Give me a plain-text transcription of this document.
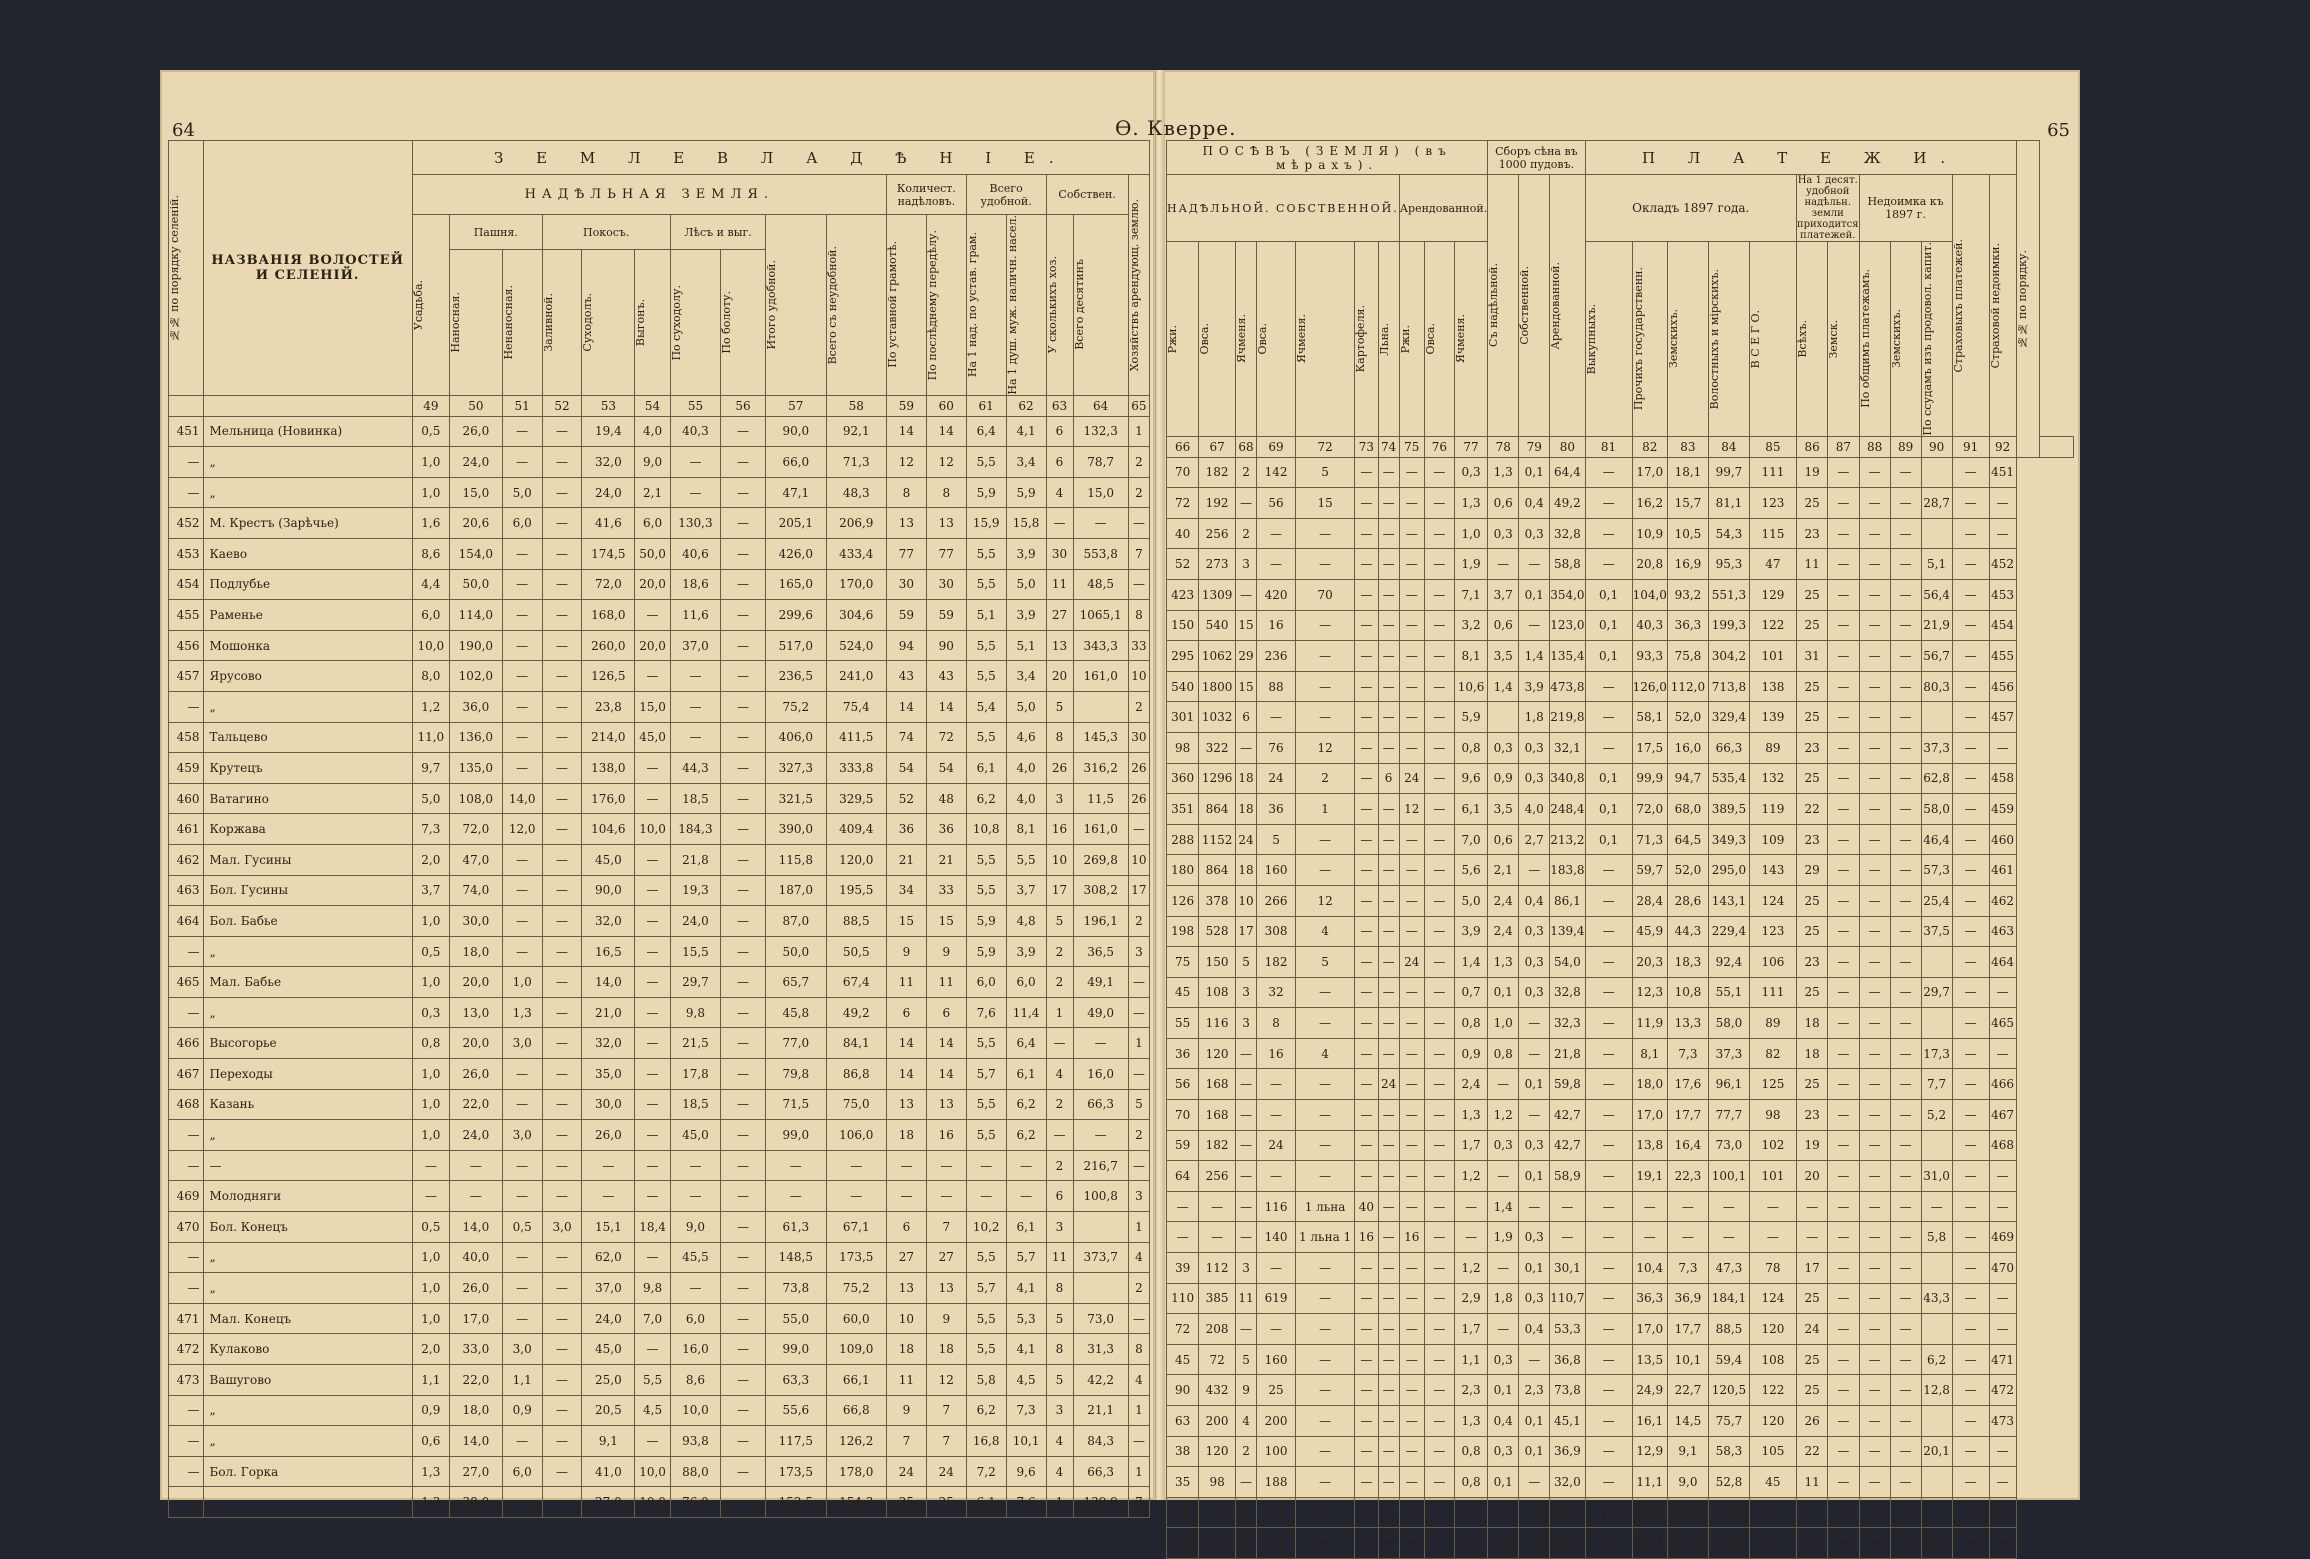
64
№№ по порядку селеній.	НАЗВАНІЯ ВОЛОСТЕЙ И СЕЛЕНІЙ.	З Е М Л Е В Л А Д Ѣ Н І Е.																
		НАДѢЛЬНАЯ ЗЕМЛЯ.										Количест. надѣловъ.		Всего удобной.		Собствен.		Хозяйствъ арендующ. землю.

		Усадьба.	Пашня.		Покосъ.			Лѣсъ и выг.		Итого удобной.	Всего съ неудобной.	По уставной грамотѣ.	По послѣднему передѣлу.	На 1 над. по устав. грам.	На 1 душ. муж. наличн. насел.	У сколькихъ хоз.	Всего десятинъ	

			Наносная.	Ненаносная.	Заливной.	Суходолъ.	Выгонъ.	По суходолу.	По болоту.									

		49	50	51	52	53	54	55	56	57	58	59	60	61	62	63	64	65
451	Мельница (Новинка)	0,5	26,0	—	—	19,4	4,0	40,3	—	90,0	92,1	14	14	6,4	4,1	6	132,3	1
—	„	1,0	24,0	—	—	32,0	9,0	—	—	66,0	71,3	12	12	5,5	3,4	6	78,7	2
—	„	1,0	15,0	5,0	—	24,0	2,1	—	—	47,1	48,3	8	8	5,9	5,9	4	15,0	2
452	М. Крестъ (Зарѣчье)	1,6	20,6	6,0	—	41,6	6,0	130,3	—	205,1	206,9	13	13	15,9	15,8	—	—	—
453	Каево	8,6	154,0	—	—	174,5	50,0	40,6	—	426,0	433,4	77	77	5,5	3,9	30	553,8	7
454	Подлубье	4,4	50,0	—	—	72,0	20,0	18,6	—	165,0	170,0	30	30	5,5	5,0	11	48,5	—
455	Раменье	6,0	114,0	—	—	168,0	—	11,6	—	299,6	304,6	59	59	5,1	3,9	27	1065,1	8
456	Мошонка	10,0	190,0	—	—	260,0	20,0	37,0	—	517,0	524,0	94	90	5,5	5,1	13	343,3	33
457	Ярусово	8,0	102,0	—	—	126,5	—	—	—	236,5	241,0	43	43	5,5	3,4	20	161,0	10
—	„	1,2	36,0	—	—	23,8	15,0	—	—	75,2	75,4	14	14	5,4	5,0	5		2
458	Тальцево	11,0	136,0	—	—	214,0	45,0	—	—	406,0	411,5	74	72	5,5	4,6	8	145,3	30
459	Крутецъ	9,7	135,0	—	—	138,0	—	44,3	—	327,3	333,8	54	54	6,1	4,0	26	316,2	26
460	Ватагино	5,0	108,0	14,0	—	176,0	—	18,5	—	321,5	329,5	52	48	6,2	4,0	3	11,5	26
461	Коржава	7,3	72,0	12,0	—	104,6	10,0	184,3	—	390,0	409,4	36	36	10,8	8,1	16	161,0	—
462	Мал. Гусины	2,0	47,0	—	—	45,0	—	21,8	—	115,8	120,0	21	21	5,5	5,5	10	269,8	10
463	Бол. Гусины	3,7	74,0	—	—	90,0	—	19,3	—	187,0	195,5	34	33	5,5	3,7	17	308,2	17
464	Бол. Бабье	1,0	30,0	—	—	32,0	—	24,0	—	87,0	88,5	15	15	5,9	4,8	5	196,1	2
—	„	0,5	18,0	—	—	16,5	—	15,5	—	50,0	50,5	9	9	5,9	3,9	2	36,5	3
465	Мал. Бабье	1,0	20,0	1,0	—	14,0	—	29,7	—	65,7	67,4	11	11	6,0	6,0	2	49,1	—
—	„	0,3	13,0	1,3	—	21,0	—	9,8	—	45,8	49,2	6	6	7,6	11,4	1	49,0	—
466	Высогорье	0,8	20,0	3,0	—	32,0	—	21,5	—	77,0	84,1	14	14	5,5	6,4	—	—	1
467	Переходы	1,0	26,0	—	—	35,0	—	17,8	—	79,8	86,8	14	14	5,7	6,1	4	16,0	—
468	Казань	1,0	22,0	—	—	30,0	—	18,5	—	71,5	75,0	13	13	5,5	6,2	2	66,3	5
—	„	1,0	24,0	3,0	—	26,0	—	45,0	—	99,0	106,0	18	16	5,5	6,2	—	—	2
—	—	—	—	—	—	—	—	—	—	—	—	—	—	—	—	2	216,7	—
469	Молодняги	—	—	—	—	—	—	—	—	—	—	—	—	—	—	6	100,8	3
470	Бол. Конецъ	0,5	14,0	0,5	3,0	15,1	18,4	9,0	—	61,3	67,1	6	7	10,2	6,1	3		1
—	„	1,0	40,0	—	—	62,0	—	45,5	—	148,5	173,5	27	27	5,5	5,7	11	373,7	4
—	„	1,0	26,0	—	—	37,0	9,8	—	—	73,8	75,2	13	13	5,7	4,1	8		2
471	Мал. Конецъ	1,0	17,0	—	—	24,0	7,0	6,0	—	55,0	60,0	10	9	5,5	5,3	5	73,0	—
472	Кулаково	2,0	33,0	3,0	—	45,0	—	16,0	—	99,0	109,0	18	18	5,5	4,1	8	31,3	8
473	Вашугово	1,1	22,0	1,1	—	25,0	5,5	8,6	—	63,3	66,1	11	12	5,8	4,5	5	42,2	4
—	„	0,9	18,0	0,9	—	20,5	4,5	10,0	—	55,6	66,8	9	7	6,2	7,3	3	21,1	1
—	„	0,6	14,0	—	—	9,1	—	93,8	—	117,5	126,2	7	7	16,8	10,1	4	84,3	—
—	Бол. Горка	1,3	27,0	6,0	—	41,0	10,0	88,0	—	173,5	178,0	24	24	7,2	9,6	4	66,3	1
—	„	1,3	38,0	—	—	27,0	10,0	76,0	—	152,5	154,3	25	25	6,1	7,6	1	139,9	7
Ѳ. Кверре.	65
ПОСѢВЪ (ЗЕМЛЯ) (въ мѣрахъ).										Сборъ сѣна въ 1000 пудовъ.			П Л А Т Е Ж И.												№№ по порядку.	

НАДѢЛЬНОЙ. СОБСТВЕННОЙ.							Арендованной.			Съ надѣльной.	Собственной.	Арендованной.	Окладъ 1897 года.					На 1 десят. удобной надѣльн. земли приходится платежей.		Недоимка къ 1897 г.			Страховыхъ платежей.	Страховой недоимки.		

Ржи.	Овса.	Ячменя.	Овса.	Ячменя.	Картофеля.	Льна.	Ржи.	Овса.	Ячменя.				Выкупныхъ.	Прочихъ государственн.	Земскихъ.	Волостныхъ и мірскихъ.	В С Е Г О.	Всѣхъ.	Земск.	По общимъ платежамъ.	Земскихъ.	По ссудамъ изъ продовол. капит.				

66	67	68	69	72	73	74	75	76	77	78	79	80	81	82	83	84	85	86	87	88	89	90	91	92		
70	182	2	142	5	—	—	—	—	0,3	1,3	0,1	64,4	—	17,0	18,1	99,7	111	19	—	—	—		—	451		
72	192	—	56	15	—	—	—	—	1,3	0,6	0,4	49,2	—	16,2	15,7	81,1	123	25	—	—	—	28,7	—	—		
40	256	2	—	—	—	—	—	—	1,0	0,3	0,3	32,8	—	10,9	10,5	54,3	115	23	—	—	—		—	—		
52	273	3	—	—	—	—	—	—	1,9	—	—	58,8	—	20,8	16,9	95,3	47	11	—	—	—	5,1	—	452		
423	1309	—	420	70	—	—	—	—	7,1	3,7	0,1	354,0	0,1	104,0	93,2	551,3	129	25	—	—	—	56,4	—	453		
150	540	15	16	—	—	—	—	—	3,2	0,6	—	123,0	0,1	40,3	36,3	199,3	122	25	—	—	—	21,9	—	454		
295	1062	29	236	—	—	—	—	—	8,1	3,5	1,4	135,4	0,1	93,3	75,8	304,2	101	31	—	—	—	56,7	—	455		
540	1800	15	88	—	—	—	—	—	10,6	1,4	3,9	473,8	—	126,0	112,0	713,8	138	25	—	—	—	80,3	—	456		
301	1032	6	—	—	—	—	—	—	5,9		1,8	219,8	—	58,1	52,0	329,4	139	25	—	—	—		—	457		
98	322	—	76	12	—	—	—	—	0,8	0,3	0,3	32,1	—	17,5	16,0	66,3	89	23	—	—	—	37,3	—	—		
360	1296	18	24	2	—	6	24	—	9,6	0,9	0,3	340,8	0,1	99,9	94,7	535,4	132	25	—	—	—	62,8	—	458		
351	864	18	36	1	—	—	12	—	6,1	3,5	4,0	248,4	0,1	72,0	68,0	389,5	119	22	—	—	—	58,0	—	459		
288	1152	24	5	—	—	—	—	—	7,0	0,6	2,7	213,2	0,1	71,3	64,5	349,3	109	23	—	—	—	46,4	—	460		
180	864	18	160	—	—	—	—	—	5,6	2,1	—	183,8	—	59,7	52,0	295,0	143	29	—	—	—	57,3	—	461		
126	378	10	266	12	—	—	—	—	5,0	2,4	0,4	86,1	—	28,4	28,6	143,1	124	25	—	—	—	25,4	—	462		
198	528	17	308	4	—	—	—	—	3,9	2,4	0,3	139,4	—	45,9	44,3	229,4	123	25	—	—	—	37,5	—	463		
75	150	5	182	5	—	—	24	—	1,4	1,3	0,3	54,0	—	20,3	18,3	92,4	106	23	—	—	—		—	464		
45	108	3	32	—	—	—	—	—	0,7	0,1	0,3	32,8	—	12,3	10,8	55,1	111	25	—	—	—	29,7	—	—		
55	116	3	8	—	—	—	—	—	0,8	1,0	—	32,3	—	11,9	13,3	58,0	89	18	—	—	—		—	465		
36	120	—	16	4	—	—	—	—	0,9	0,8	—	21,8	—	8,1	7,3	37,3	82	18	—	—	—	17,3	—	—		
56	168	—	—	—	—	24	—	—	2,4	—	0,1	59,8	—	18,0	17,6	96,1	125	25	—	—	—	7,7	—	466		
70	168	—	—	—	—	—	—	—	1,3	1,2	—	42,7	—	17,0	17,7	77,7	98	23	—	—	—	5,2	—	467		
59	182	—	24	—	—	—	—	—	1,7	0,3	0,3	42,7	—	13,8	16,4	73,0	102	19	—	—	—		—	468		
64	256	—	—	—	—	—	—	—	1,2	—	0,1	58,9	—	19,1	22,3	100,1	101	20	—	—	—	31,0	—	—		
—	—	—	116	1 льна	40	—	—	—	—	1,4	—	—	—	—	—	—	—	—	—	—	—	—	—	—		
—	—	—	140	1 льна 1	16	—	16	—	—	1,9	0,3	—	—	—	—	—	—	—	—	—	—	5,8	—	469		
39	112	3	—	—	—	—	—	—	1,2	—	0,1	30,1	—	10,4	7,3	47,3	78	17	—	—	—		—	470		
110	385	11	619	—	—	—	—	—	2,9	1,8	0,3	110,7	—	36,3	36,9	184,1	124	25	—	—	—	43,3	—	—		
72	208	—	—	—	—	—	—	—	1,7	—	0,4	53,3	—	17,0	17,7	88,5	120	24	—	—	—		—	—		
45	72	5	160	—	—	—	—	—	1,1	0,3	—	36,8	—	13,5	10,1	59,4	108	25	—	—	—	6,2	—	471		
90	432	9	25	—	—	—	—	—	2,3	0,1	2,3	73,8	—	24,9	22,7	120,5	122	25	—	—	—	12,8	—	472		
63	200	4	200	—	—	—	—	—	1,3	0,4	0,1	45,1	—	16,1	14,5	75,7	120	26	—	—	—		—	473		
38	120	2	100	—	—	—	—	—	0,8	0,3	0,1	36,9	—	12,9	9,1	58,3	105	22	—	—	—	20,1	—	—		
35	98	—	188	—	—	—	—	—	0,8	0,1	—	32,0	—	11,1	9,0	52,8	45	11	—	—	—		—	—		
72	360	5	56	—	—	—	—	—	1,3	0,3	0,1	110,4	1,3	34,0	30,9	176,3	102	21	—	—	—		—	474		
100	400	10	24	—	—	—	—	—	1,2	0,9	0,3	102,5	—	34,1	31,8	168,1	111	23	—	—	—	36,7	—	—		
